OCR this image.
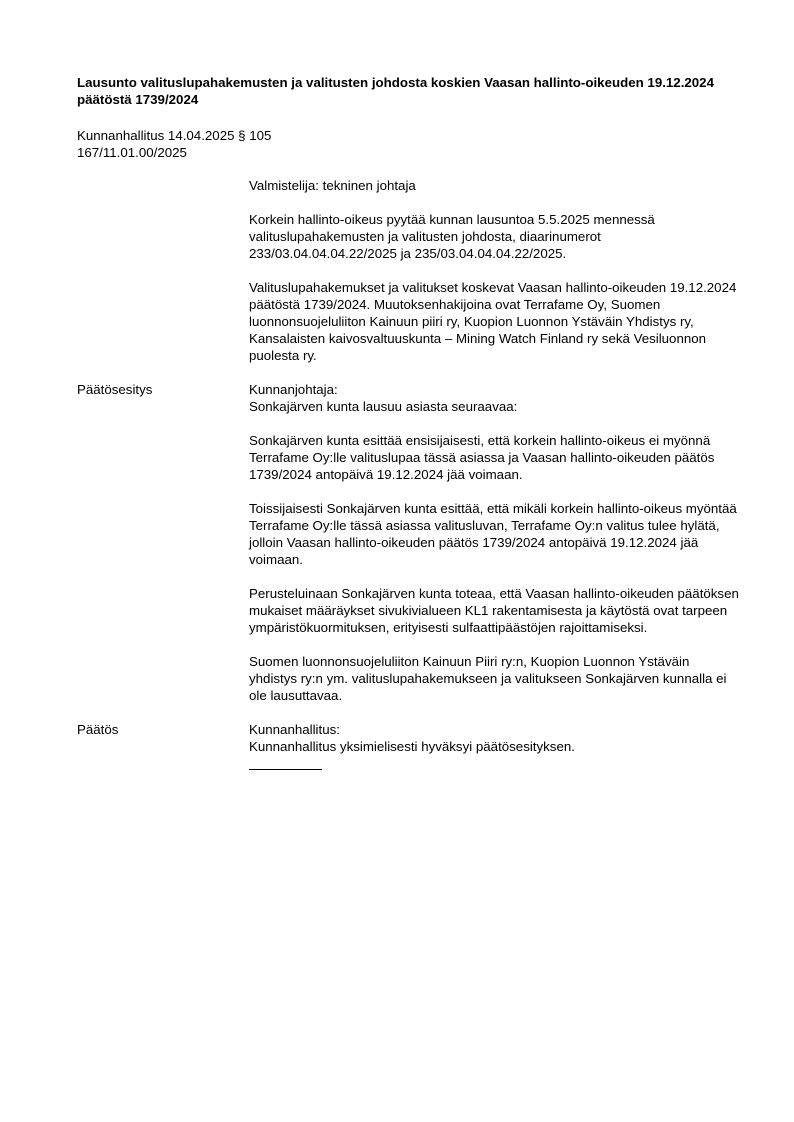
Lausunto valituslupahakemusten ja valitusten johdosta koskien Vaasan hallinto-oikeuden 19.12.2024 päätöstä 1739/2024
Kunnanhallitus 14.04.2025 § 105
167/11.01.00/2025

Valmistelija: tekninen johtaja

Korkein hallinto-oikeus pyytää kunnan lausuntoa 5.5.2025 mennessä valituslupahakemusten ja valitusten johdosta, diaarinumerot 233/03.04.04.04.22/2025 ja 235/03.04.04.04.22/2025.

Valituslupahakemukset ja valitukset koskevat Vaasan hallinto-oikeuden 19.12.2024 päätöstä 1739/2024. Muutoksenhakijoina ovat Terrafame Oy, Suomen luonnonsuojeluliiton Kainuun piiri ry, Kuopion Luonnon Ystäväin Yhdistys ry, Kansalaisten kaivosvaltuuskunta – Mining Watch Finland ry sekä Vesiluonnon puolesta ry.

Päätösesitys	Kunnanjohtaja:

Sonkajärven kunta lausuu asiasta seuraavaa:

Sonkajärven kunta esittää ensisijaisesti, että korkein hallinto-oikeus ei myönnä Terrafame Oy:lle valituslupaa tässä asiassa ja Vaasan hallinto-oikeuden päätös 1739/2024 antopäivä 19.12.2024 jää voimaan.

Toissijaisesti Sonkajärven kunta esittää, että mikäli korkein hallinto-oikeus myöntää Terrafame Oy:lle tässä asiassa valitusluvan, Terrafame Oy:n valitus tulee hylätä, jolloin Vaasan hallinto-oikeuden päätös 1739/2024 antopäivä 19.12.2024 jää voimaan.

Perusteluinaan Sonkajärven kunta toteaa, että Vaasan hallinto-oikeuden päätöksen mukaiset määräykset sivukivialueen KL1 rakentamisesta ja käytöstä ovat tarpeen ympäristökuormituksen, erityisesti sulfaattipäästöjen rajoittamiseksi.

Suomen luonnonsuojeluliiton Kainuun Piiri ry:n, Kuopion Luonnon Ystäväin yhdistys ry:n ym. valituslupahakemukseen ja valitukseen Sonkajärven kunnalla ei ole lausuttavaa.

Päätös	Kunnanhallitus:
Kunnanhallitus yksimielisesti hyväksyi päätösesityksen.
